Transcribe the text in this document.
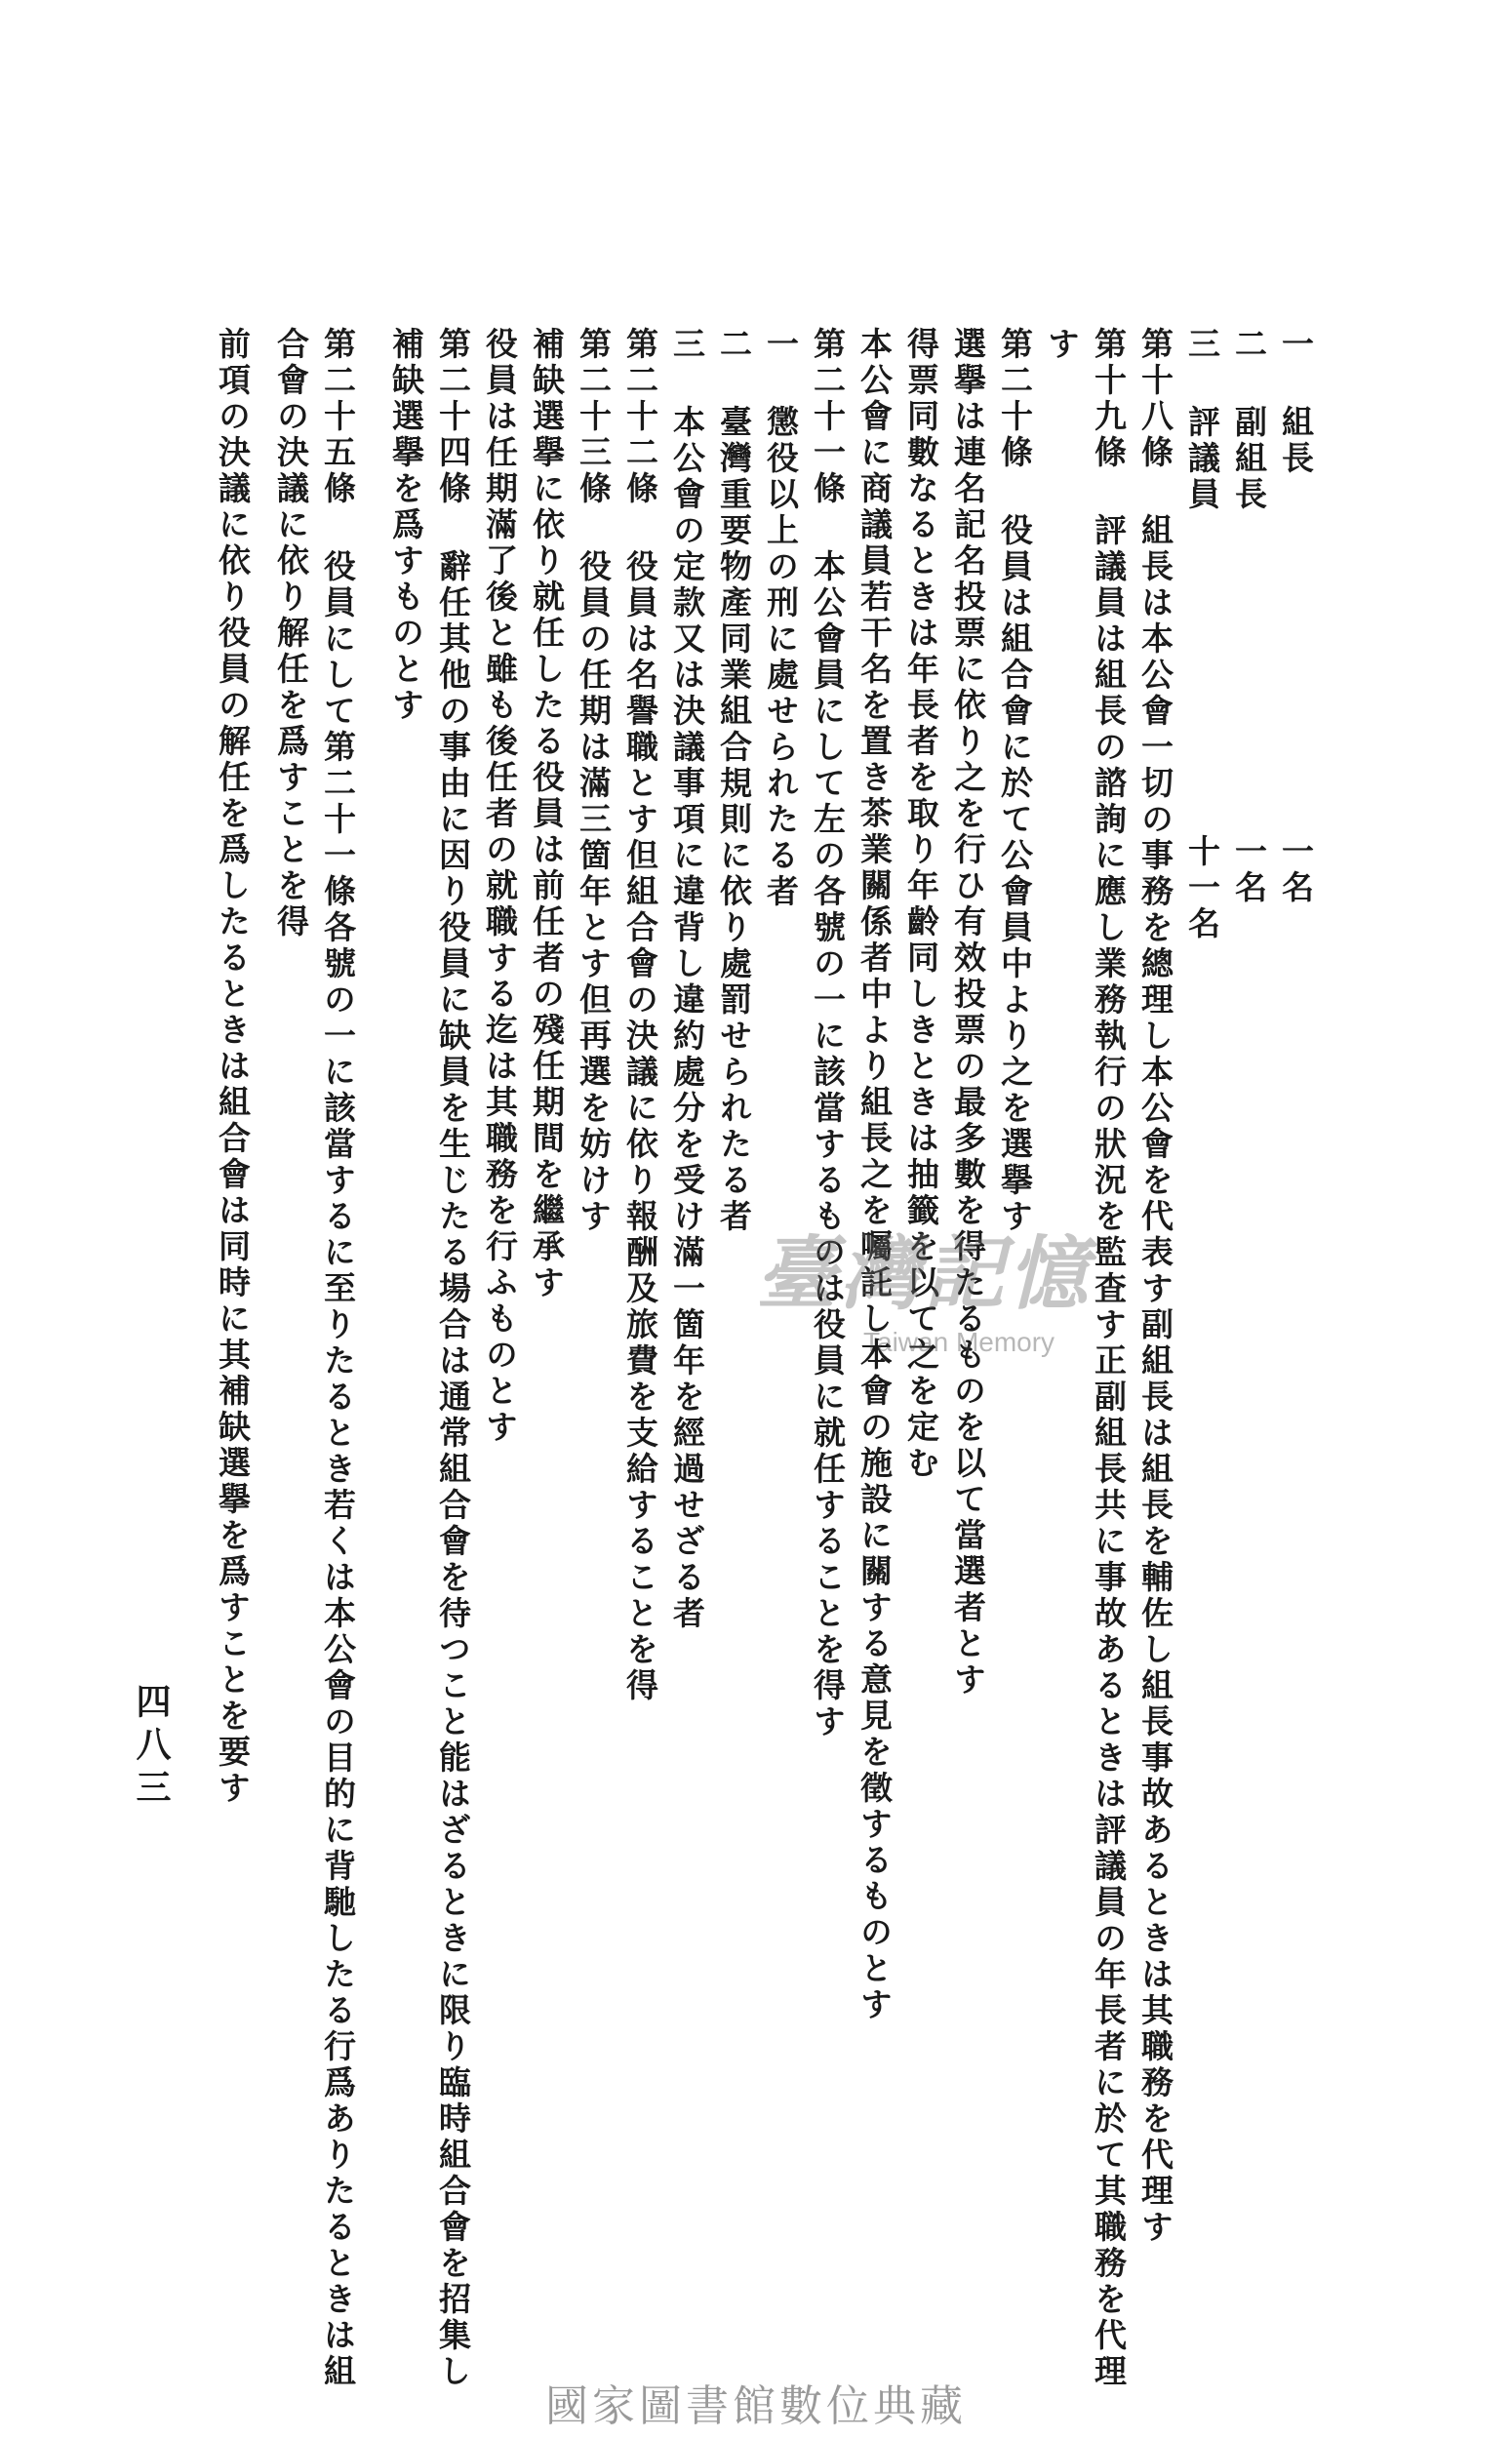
一 組長
一名
二 副組長
一名
三 評議員
十一名
第十八條 組長は本公會一切の事務を總理し本公會を代表す副組長は組長を輔佐し組長事故あるときは其職務を代理す
第十九條 評議員は組長の諮詢に應し業務執行の狀況を監査す正副組長共に事故あるときは評議員の年長者に於て其職務を代理
す
第二十條 役員は組合會に於て公會員中より之を選擧す
選擧は連名記名投票に依り之を行ひ有效投票の最多數を得たるものを以て當選者とす
得票同數なるときは年長者を取り年齡同しきときは抽籤を以て之を定む
本公會に商議員若干名を置き茶業關係者中より組長之を囑託し本會の施設に關する意見を徵するものとす
第二十一條 本公會員にして左の各號の一に該當するものは役員に就任することを得す
一 懲役以上の刑に處せられたる者
二 臺灣重要物產同業組合規則に依り處罰せられたる者
三 本公會の定款又は決議事項に違背し違約處分を受け滿一箇年を經過せざる者
第二十二條 役員は名譽職とす但組合會の決議に依り報酬及旅費を支給することを得
第二十三條 役員の任期は滿三箇年とす但再選を妨けす
補缺選擧に依り就任したる役員は前任者の殘任期間を繼承す
役員は任期滿了後と雖も後任者の就職する迄は其職務を行ふものとす
第二十四條 辭任其他の事由に因り役員に缺員を生じたる場合は通常組合會を待つこと能はざるときに限り臨時組合會を招集し
補缺選擧を爲すものとす
第二十五條 役員にして第二十一條各號の一に該當するに至りたるとき若くは本公會の目的に背馳したる行爲ありたるときは組
合會の決議に依り解任を爲すことを得
前項の決議に依り役員の解任を爲したるときは組合會は同時に其補缺選擧を爲すことを要す
四八三
臺灣記憶
Taiwan Memory
國家圖書館數位典藏
